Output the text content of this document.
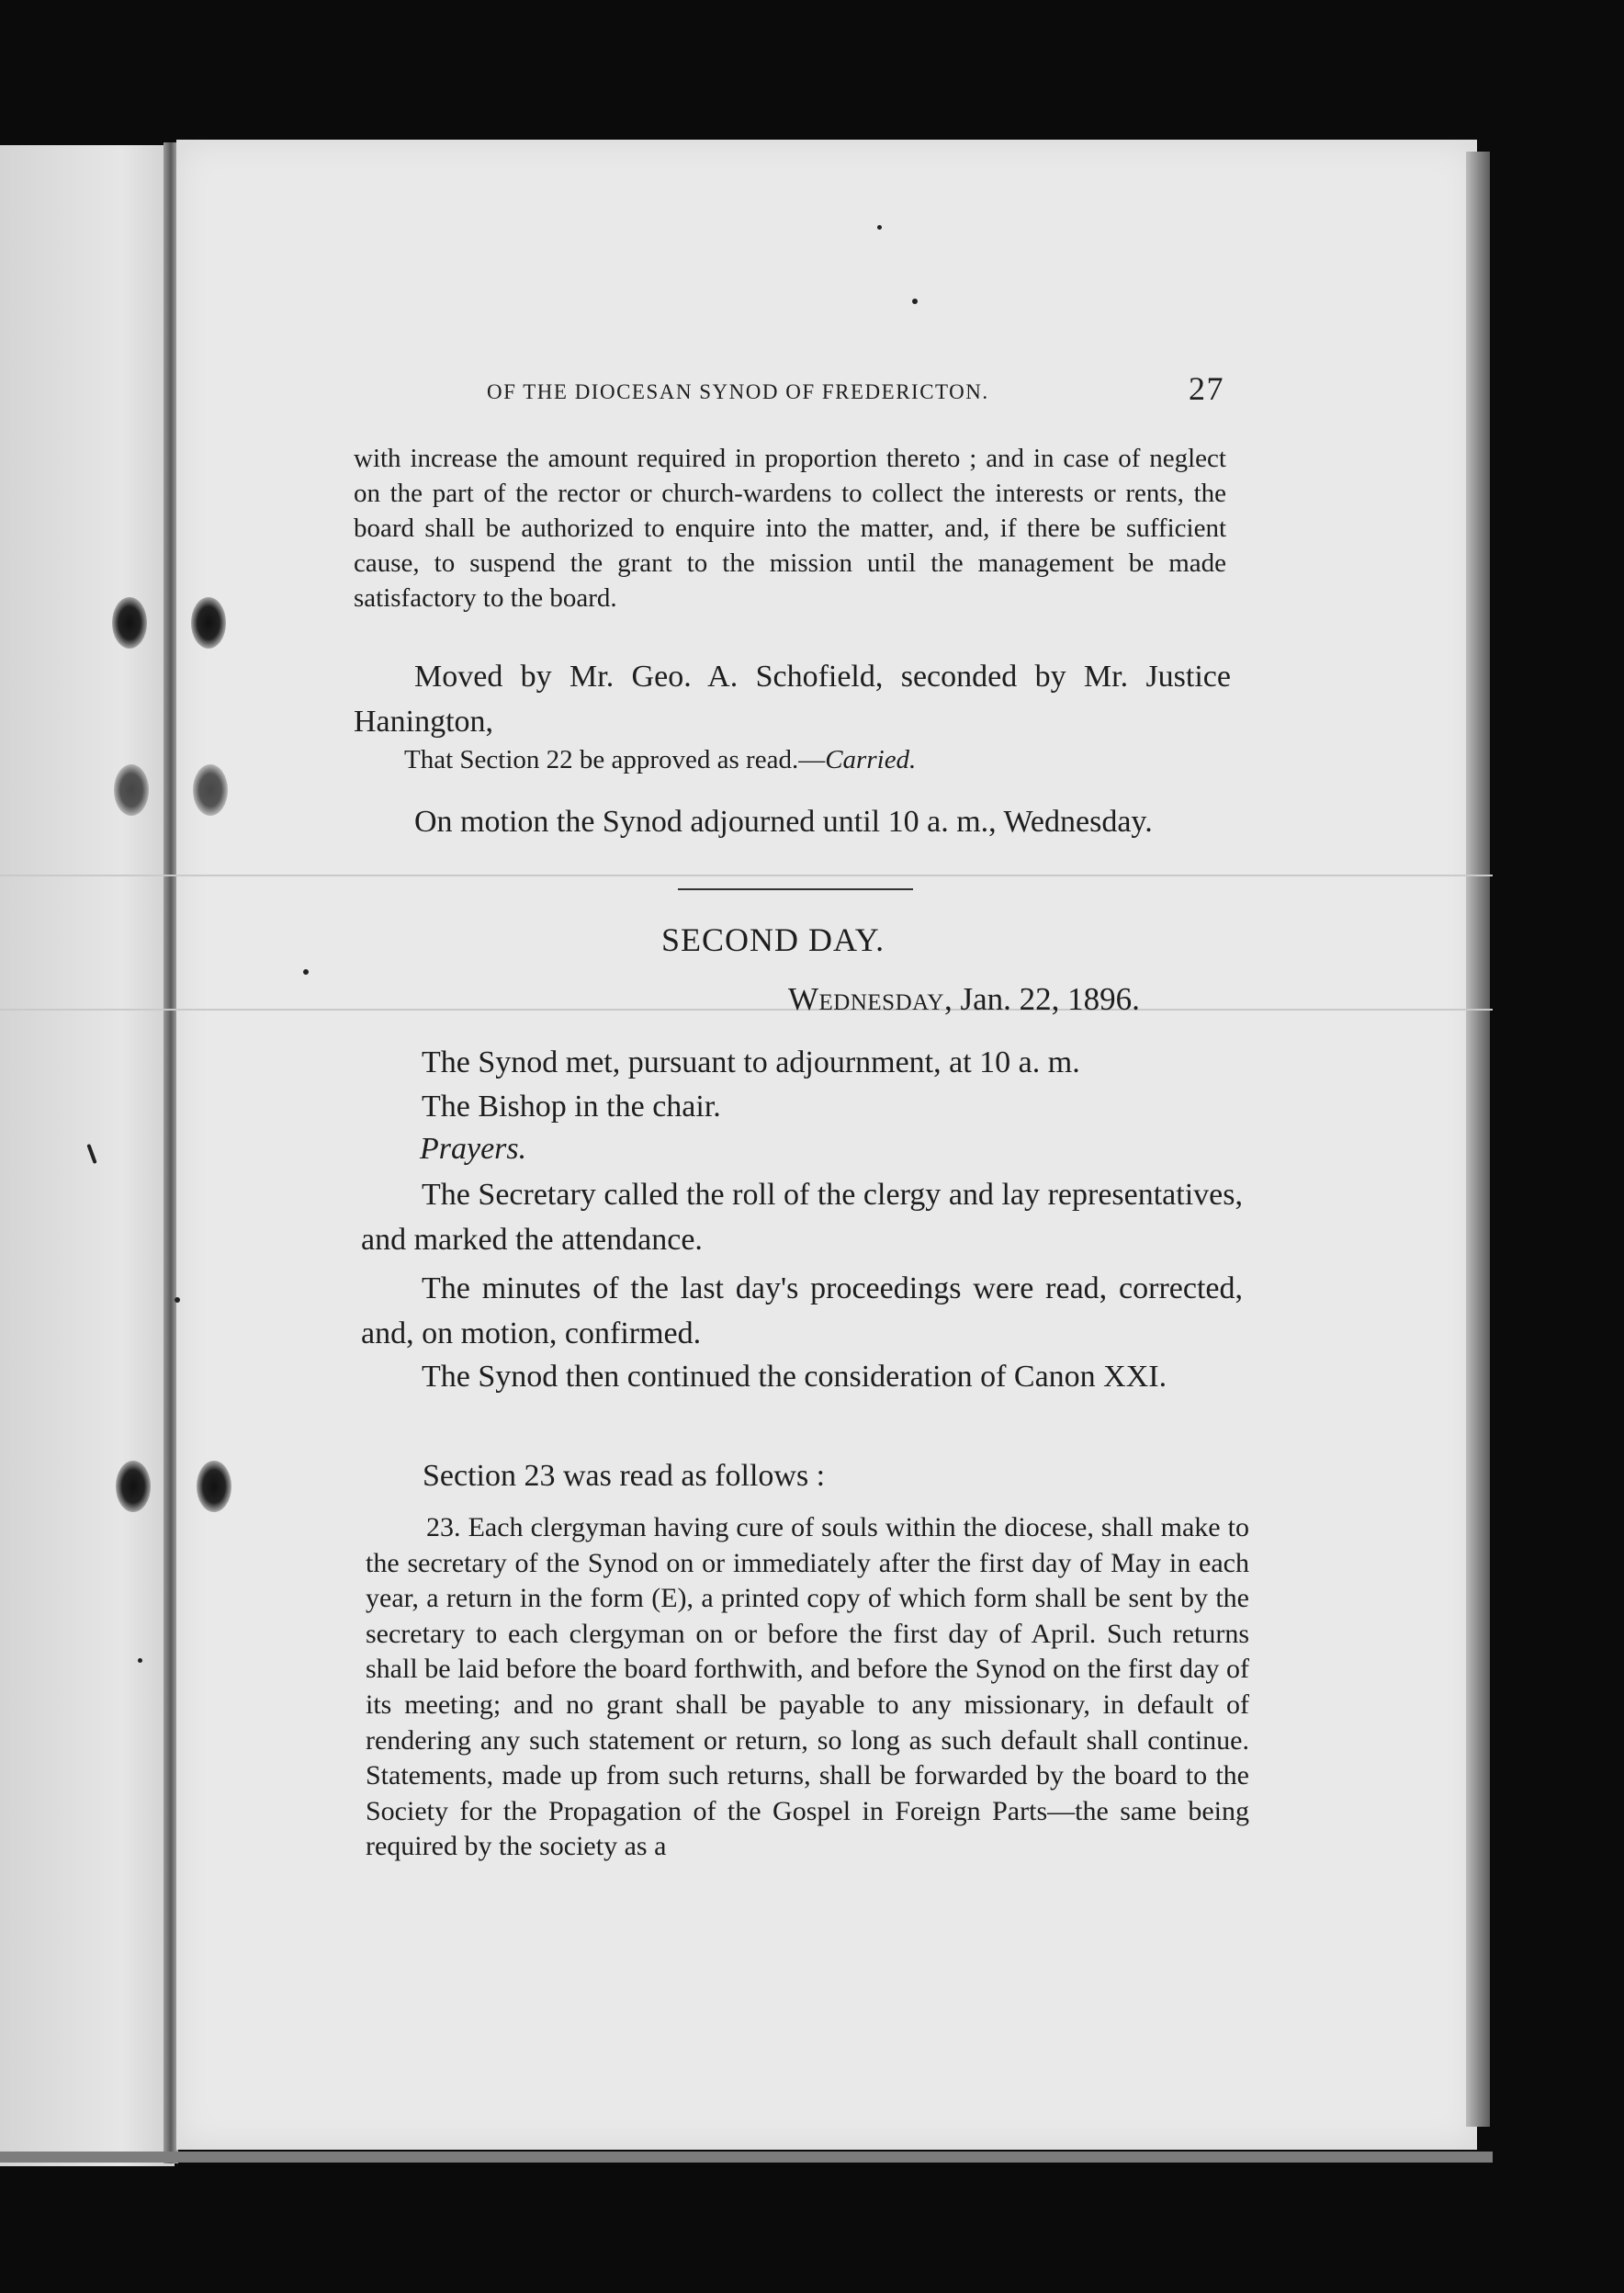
OF THE DIOCESAN SYNOD OF FREDERICTON.	27

with increase the amount required in proportion thereto ; and in case of neglect on the part of the rector or church-wardens to collect the interests or rents, the board shall be authorized to enquire into the matter, and, if there be sufficient cause, to suspend the grant to the mission until the management be made satisfactory to the board.

Moved by Mr. Geo. A. Schofield, seconded by Mr. Justice Hanington,

That Section 22 be approved as read.—Carried.

On motion the Synod adjourned until 10 a. m., Wednesday.

SECOND DAY.
Wednesday, Jan. 22, 1896.

The Synod met, pursuant to adjournment, at 10 a. m.

The Bishop in the chair.

Prayers.

The Secretary called the roll of the clergy and lay representatives, and marked the attendance.

The minutes of the last day's proceedings were read, corrected, and, on motion, confirmed.

The Synod then continued the consideration of Canon XXI.

Section 23 was read as follows :

23. Each clergyman having cure of souls within the diocese, shall make to the secretary of the Synod on or immediately after the first day of May in each year, a return in the form (E), a printed copy of which form shall be sent by the secretary to each clergyman on or before the first day of April. Such returns shall be laid before the board forthwith, and before the Synod on the first day of its meeting; and no grant shall be payable to any missionary, in default of rendering any such statement or return, so long as such default shall continue. Statements, made up from such returns, shall be forwarded by the board to the Society for the Propagation of the Gospel in Foreign Parts—the same being required by the society as a
